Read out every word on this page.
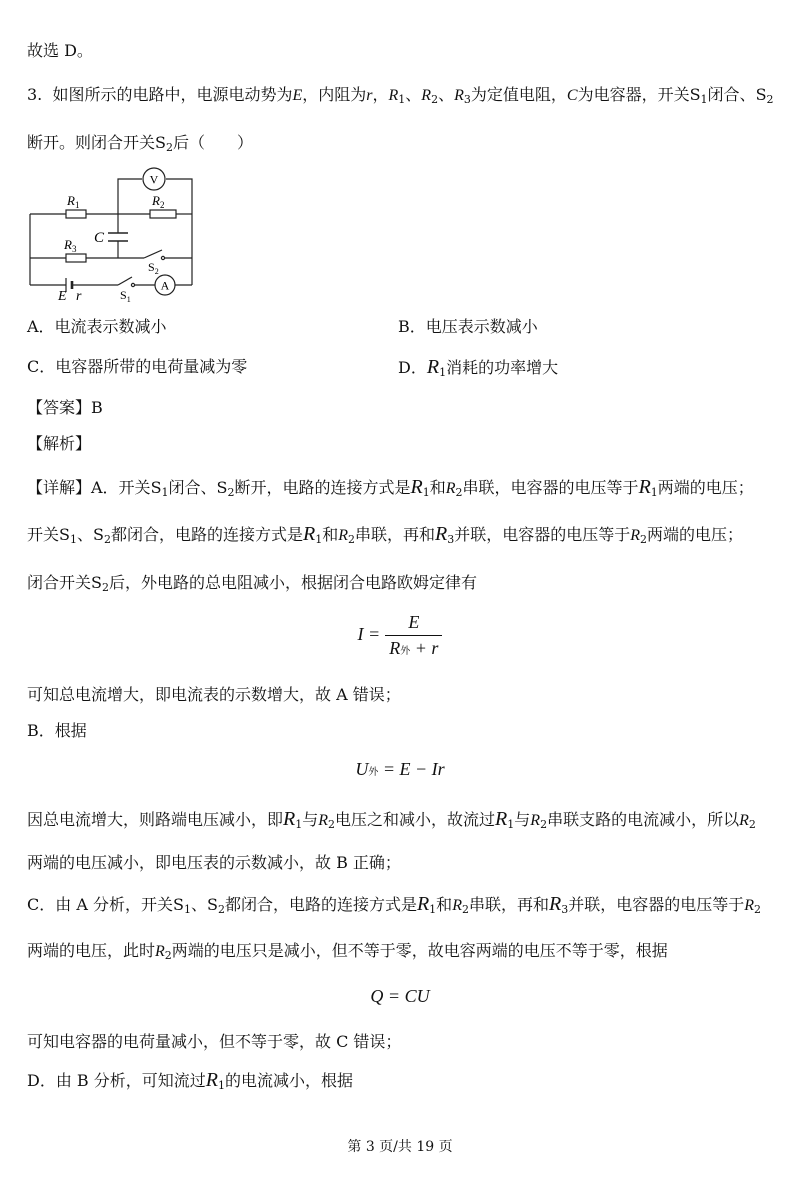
故选 D。
3. 如图所示的电路中，电源电动势为E，内阻为r，$R_1$、$R_2$、$R_3$为定值电阻，C为电容器，开关$S_1$闭合、$S_2$
断开。则闭合开关$S_2$后（　　）
V
A
$R_1$	$R_2$
$R_3$
C
$S_2$
$S_1$
E r
A．电流表示数减小	B．电压表示数减小
C．电容器所带的电荷量减为零	D．$R_1$消耗的功率增大
【答案】B
【解析】
【详解】A．开关$S_1$闭合、$S_2$断开，电路的连接方式是$R_1$和$R_2$串联，电容器的电压等于$R_1$两端的电压；
开关$S_1$、$S_2$都闭合，电路的连接方式是$R_1$和$R_2$串联，再和$R_3$并联，电容器的电压等于$R_2$两端的电压；
闭合开关$S_2$后，外电路的总电阻减小，根据闭合电路欧姆定律有
$I = \frac{E}{\text{R外 + r}}$
可知总电流增大，即电流表的示数增大，故 A 错误；
B．根据
U外 = E − Ir
因总电流增大，则路端电压减小，即$R_1$与$R_2$电压之和减小，故流过$R_1$与$R_2$串联支路的电流减小，所以$R_2$
两端的电压减小，即电压表的示数减小，故 B 正确；
C．由 A 分析，开关$S_1$、$S_2$都闭合，电路的连接方式是$R_1$和$R_2$串联，再和$R_3$并联，电容器的电压等于$R_2$
两端的电压，此时$R_2$两端的电压只是减小，但不等于零，故电容两端的电压不等于零，根据
Q = CU
可知电容器的电荷量减小，但不等于零，故 C 错误；
D．由 B 分析，可知流过$R_1$的电流减小，根据
第 3 页/共 19 页
